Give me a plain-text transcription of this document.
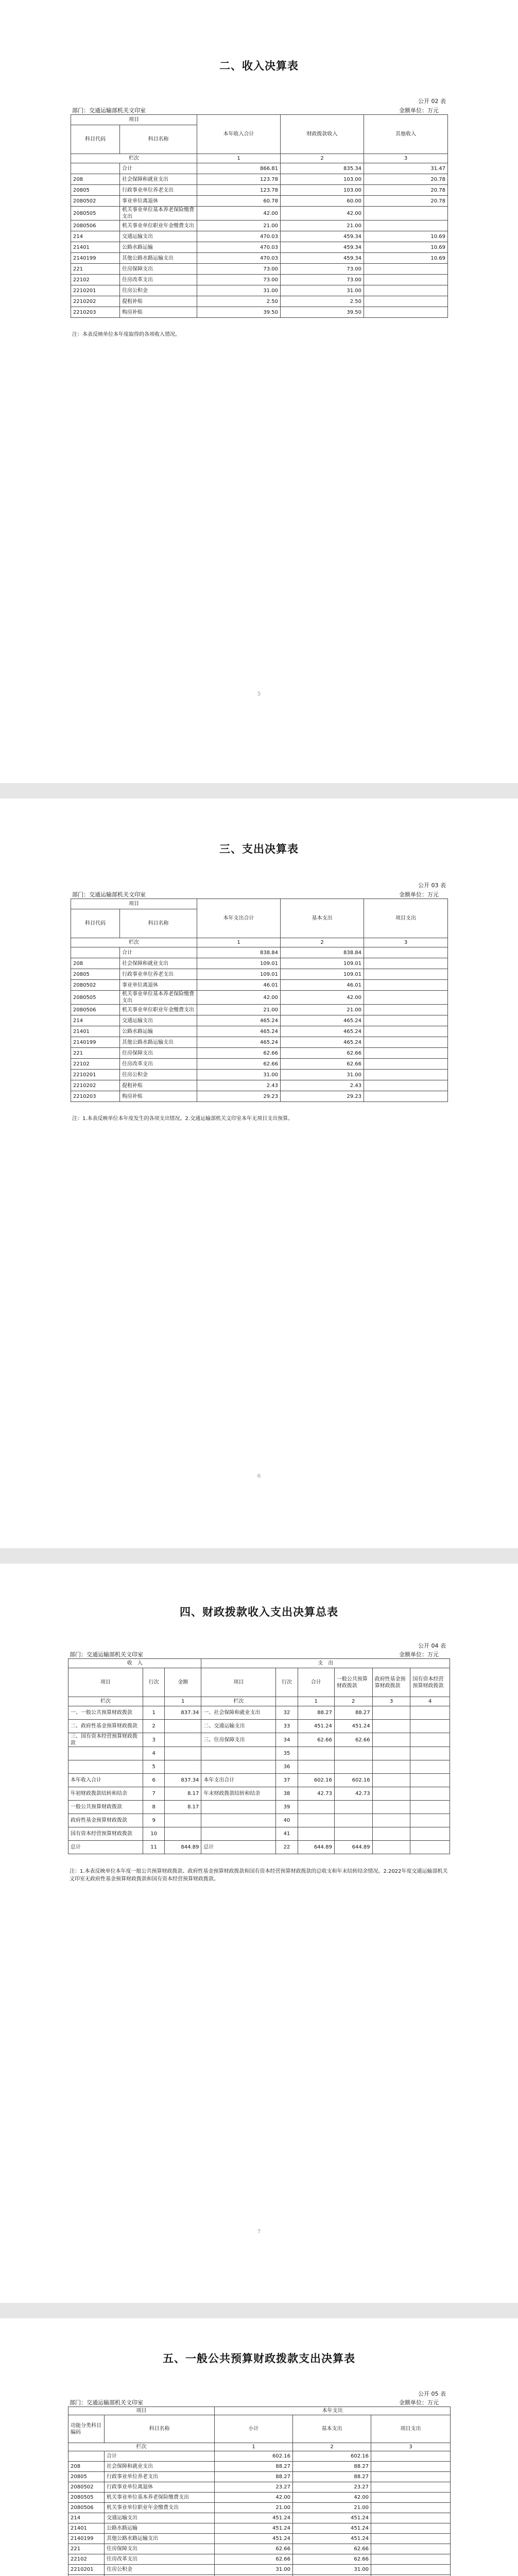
二、收入决算表
公开 02 表
部门：交通运输部机关文印室	金额单位：万元
项目		本年收入合计	财政拨款收入	其他收入
科目代码	科目名称			

栏次		1	2	3
	合计	866.81	835.34	31.47
208	社会保障和就业支出	123.78	103.00	20.78
20805	行政事业单位养老支出	123.78	103.00	20.78
2080502	事业单位离退休	60.78	60.00	20.78
2080505	机关事业单位基本养老保险缴费支出	42.00	42.00	
2080506	机关事业单位职业年金缴费支出	21.00	21.00	
214	交通运输支出	470.03	459.34	10.69
21401	公路水路运输	470.03	459.34	10.69
2140199	其他公路水路运输支出	470.03	459.34	10.69
221	住房保障支出	73.00	73.00	
22102	住房改革支出	73.00	73.00	
2210201	住房公积金	31.00	31.00	
2210202	提租补贴	2.50	2.50	
2210203	购房补贴	39.50	39.50	
注：本表反映单位本年度取得的各项收入情况。
5
三、支出决算表
公开 03 表
部门：交通运输部机关文印室	金额单位：万元
项目		本年支出合计	基本支出	项目支出
科目代码	科目名称			

栏次		1	2	3
	合计	838.84	838.84	
208	社会保障和就业支出	109.01	109.01	
20805	行政事业单位养老支出	109.01	109.01	
2080502	事业单位离退休	46.01	46.01	
2080505	机关事业单位基本养老保险缴费支出	42.00	42.00	
2080506	机关事业单位职业年金缴费支出	21.00	21.00	
214	交通运输支出	465.24	465.24	
21401	公路水路运输	465.24	465.24	
2140199	其他公路水路运输支出	465.24	465.24	
221	住房保障支出	62.66	62.66	
22102	住房改革支出	62.66	62.66	
2210201	住房公积金	31.00	31.00	
2210202	提租补贴	2.43	2.43	
2210203	购房补贴	29.23	29.23	
注：1.本表反映单位本年度发生的各项支出情况。2.交通运输部机关文印室本年无项目支出预算。
6
四、财政拨款收入支出决算总表
公开 04 表
部门：交通运输部机关文印室	金额单位：万元
收　入			支　出					
项目	行次	金额	项目	行次	合计	一般公共预算财政拨款	政府性基金预算财政拨款	国有资本经营预算财政拨款
栏次		1	栏次		1	2	3	4
一、一般公共预算财政拨款	1	837.34	一、社会保障和就业支出	32	88.27	88.27		
二、政府性基金预算财政拨款	2		二、交通运输支出	33	451.24	451.24		
三、国有资本经营预算财政拨款	3		三、住房保障支出	34	62.66	62.66		
	4			35				
	5			36				
本年收入合计	6	837.34	本年支出合计	37	602.16	602.16		
年初财政拨款结转和结余	7	8.17	年末财政拨款结转和结余	38	42.73	42.73		
一般公共预算财政拨款	8	8.17		39				
政府性基金预算财政拨款	9			40				
国有资本经营预算财政拨款	10			41				
总计	11	844.89	总计	22	644.89	644.89		
注：1.本表反映单位本年度一般公共预算财政拨款、政府性基金预算财政拨款和国有资本经营预算财政拨款的总收支和年末结转结余情况。2.2022年度交通运输部机关文印室无政府性基金预算财政拨款和国有资本经营预算财政拨款。
7
五、一般公共预算财政拨款支出决算表
公开 05 表
部门：交通运输部机关文印室	金额单位：万元
项目		本年支出		
功能分类科目编码	科目名称	小计	基本支出	项目支出
栏次		1	2	3
	合计	602.16	602.16	
208	社会保障和就业支出	88.27	88.27	
20805	行政事业单位养老支出	88.27	88.27	
2080502	行政事业单位离退休	23.27	23.27	
2080505	机关事业单位基本养老保险缴费支出	42.00	42.00	
2080506	机关事业单位职业年金缴费支出	21.00	21.00	
214	交通运输支出	451.24	451.24	
21401	公路水路运输	451.24	451.24	
2140199	其他公路水路运输支出	451.24	451.24	
221	住房保障支出	62.66	62.66	
22102	住房改革支出	62.66	62.66	
2210201	住房公积金	31.00	31.00	
